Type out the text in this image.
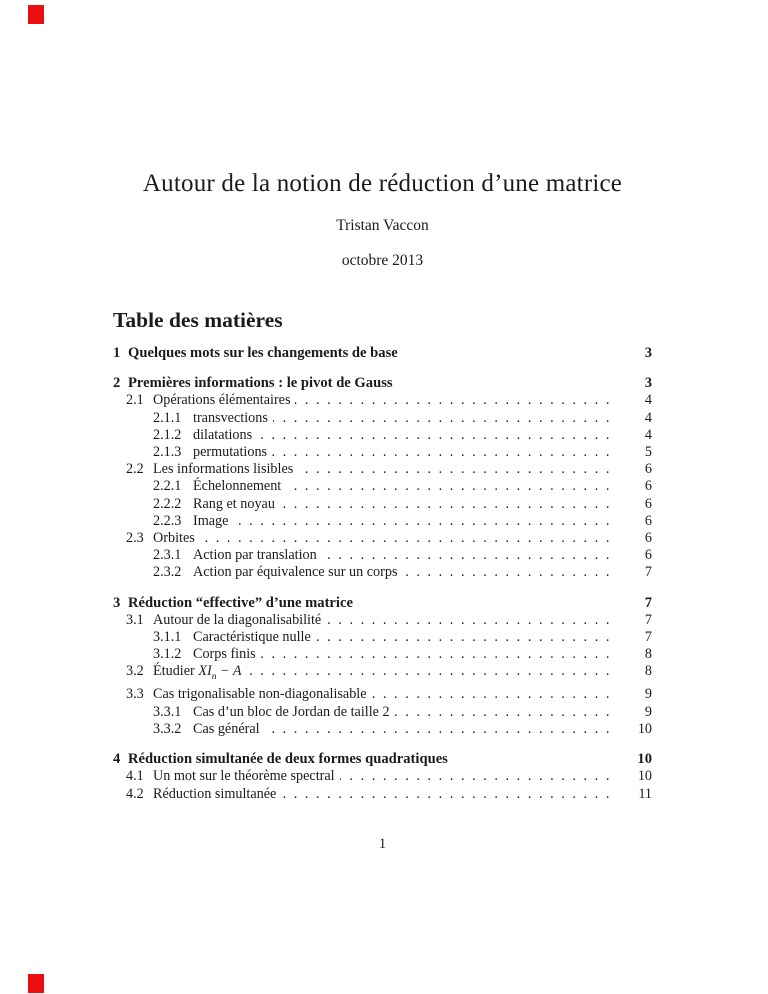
Autour de la notion de réduction d’une matrice
Tristan Vaccon
octobre 2013
Table des matières
1 Quelques mots sur les changements de base	3
2 Premières informations : le pivot de Gauss	3
2.1 Opérations élémentaires .....	4
2.1.1 transvections .....	4
2.1.2 dilatations .....	4
2.1.3 permutations .....	5
2.2 Les informations lisibles .....	6
2.2.1 Échelonnement .....	6
2.2.2 Rang et noyau .....	6
2.2.3 Image .....	6
2.3 Orbites .....	6
2.3.1 Action par translation .....	6
2.3.2 Action par équivalence sur un corps .....	7
3 Réduction “effective” d’une matrice	7
3.1 Autour de la diagonalisabilité .....	7
3.1.1 Caractéristique nulle .....	7
3.1.2 Corps finis .....	8
3.2 Étudier $XI_n - A$ .....	8
3.3 Cas trigonalisable non-diagonalisable .....	9
3.3.1 Cas d’un bloc de Jordan de taille 2 .....	9
3.3.2 Cas général .....	10
4 Réduction simultanée de deux formes quadratiques	10
4.1 Un mot sur le théorème spectral .....	10
4.2 Réduction simultanée .....	11
1
